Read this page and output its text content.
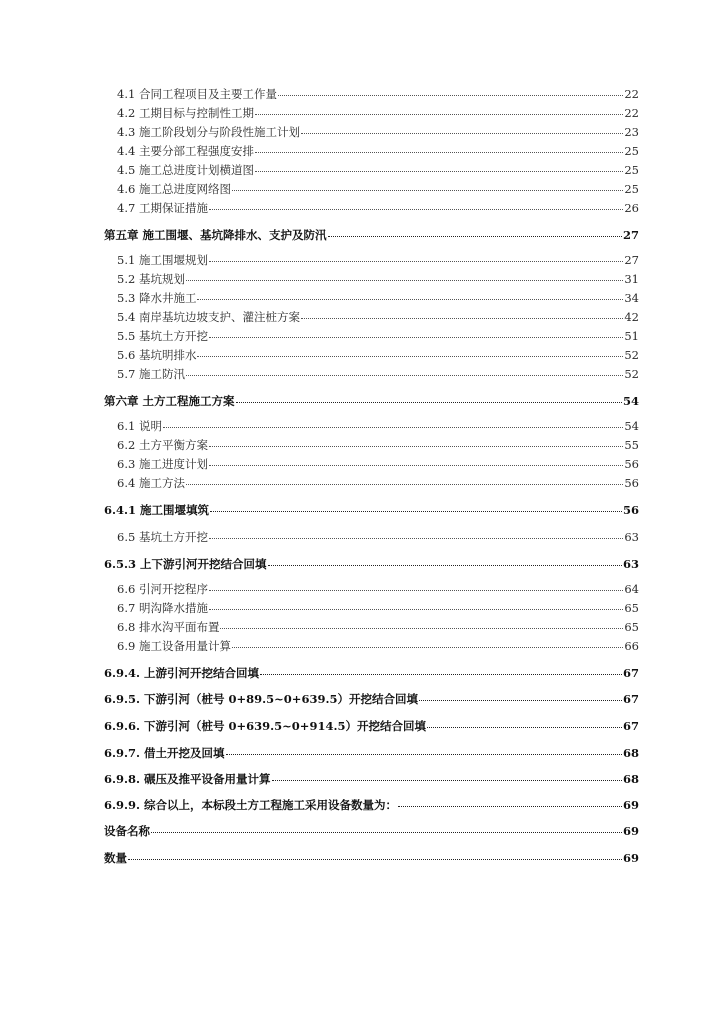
4.1 合同工程项目及主要工作量	22
4.2 工期目标与控制性工期	22
4.3 施工阶段划分与阶段性施工计划	23
4.4 主要分部工程强度安排	25
4.5 施工总进度计划横道图	25
4.6 施工总进度网络图	25
4.7 工期保证措施	26
第五章 施工围堰、基坑降排水、支护及防汛	27
5.1 施工围堰规划	27
5.2 基坑规划	31
5.3 降水井施工	34
5.4 南岸基坑边坡支护、灌注桩方案	42
5.5 基坑土方开挖	51
5.6 基坑明排水	52
5.7 施工防汛	52
第六章 土方工程施工方案	54
6.1 说明	54
6.2 土方平衡方案	55
6.3 施工进度计划	56
6.4 施工方法	56
6.4.1 施工围堰填筑	56
6.5 基坑土方开挖	63
6.5.3 上下游引河开挖结合回填	63
6.6 引河开挖程序	64
6.7 明沟降水措施	65
6.8 排水沟平面布置	65
6.9 施工设备用量计算	66
6.9.4. 上游引河开挖结合回填	67
6.9.5. 下游引河（桩号 0+89.5~0+639.5）开挖结合回填	67
6.9.6. 下游引河（桩号 0+639.5~0+914.5）开挖结合回填	67
6.9.7. 借土开挖及回填	68
6.9.8. 碾压及推平设备用量计算	68
6.9.9. 综合以上，本标段土方工程施工采用设备数量为：	69
设备名称	69
数量	69
